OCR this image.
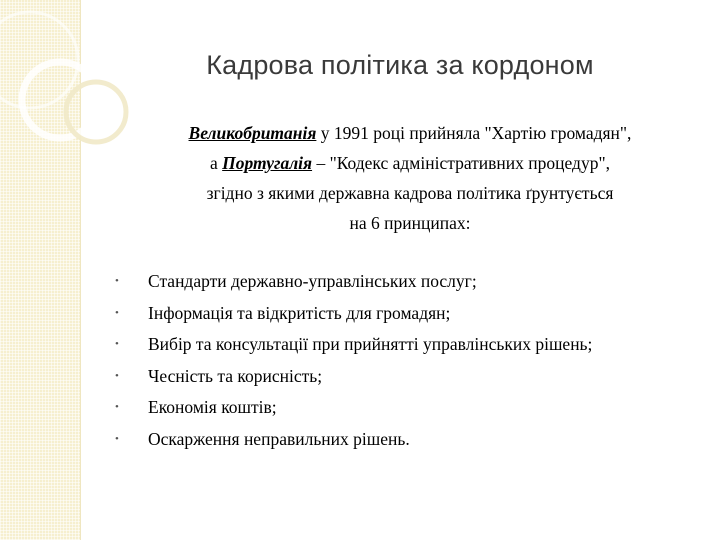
Кадрова політика за кордоном
Великобританія у 1991 році прийняла "Хартію громадян",
а Португалія – "Кодекс адміністративних процедур",
згідно з якими державна кадрова політика ґрунтується
на 6 принципах:
• Стандарти державно-управлінських послуг;
• Інформація та відкритість для громадян;
• Вибір та консультації при прийнятті управлінських рішень;
• Чесність та корисність;
• Економія коштів;
• Оскарження неправильних рішень.
